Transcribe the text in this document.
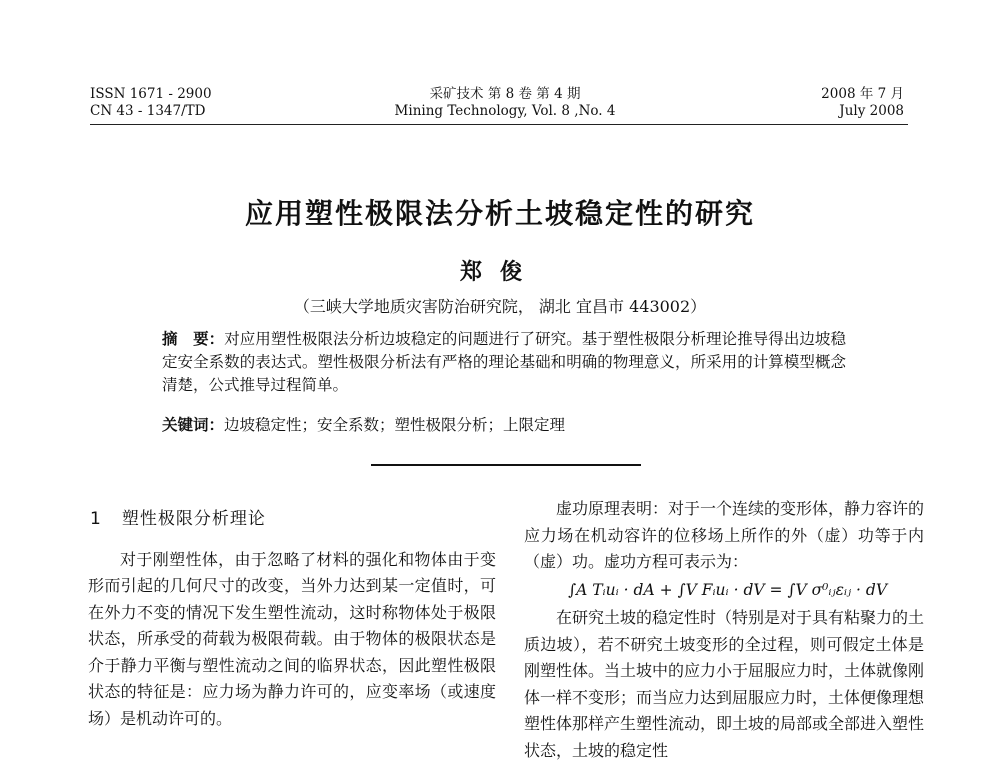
ISSN 1671 - 2900
CN 43 - 1347/TD
采矿技术 第 8 卷 第 4 期
Mining Technology, Vol. 8 ,No. 4
2008 年 7 月
July 2008
应用塑性极限法分析土坡稳定性的研究
郑俊
（三峡大学地质灾害防治研究院， 湖北 宜昌市 443002）
摘　要：对应用塑性极限法分析边坡稳定的问题进行了研究。基于塑性极限分析理论推导得出边坡稳定安全系数的表达式。塑性极限分析法有严格的理论基础和明确的物理意义，所采用的计算模型概念清楚，公式推导过程简单。
关键词：边坡稳定性；安全系数；塑性极限分析；上限定理
1 塑性极限分析理论

对于刚塑性体，由于忽略了材料的强化和物体由于变形而引起的几何尺寸的改变，当外力达到某一定值时，可在外力不变的情况下发生塑性流动，这时称物体处于极限状态，所承受的荷载为极限荷载。由于物体的极限状态是介于静力平衡与塑性流动之间的临界状态，因此塑性极限状态的特征是：应力场为静力许可的，应变率场（或速度场）是机动许可的。

虚功原理表明：对于一个连续的变形体，静力容许的应力场在机动容许的位移场上所作的外（虚）功等于内（虚）功。虚功方程可表示为：

∫A Tᵢuᵢ · dA + ∫V Fᵢuᵢ · dV = ∫V σ⁰ᵢⱼεᵢⱼ · dV

在研究土坡的稳定性时（特别是对于具有粘聚力的土质边坡），若不研究土坡变形的全过程，则可假定土体是刚塑性体。当土坡中的应力小于屈服应力时，土体就像刚体一样不变形；而当应力达到屈服应力时，土体便像理想塑性体那样产生塑性流动，即土坡的局部或全部进入塑性状态，土坡的稳定性
